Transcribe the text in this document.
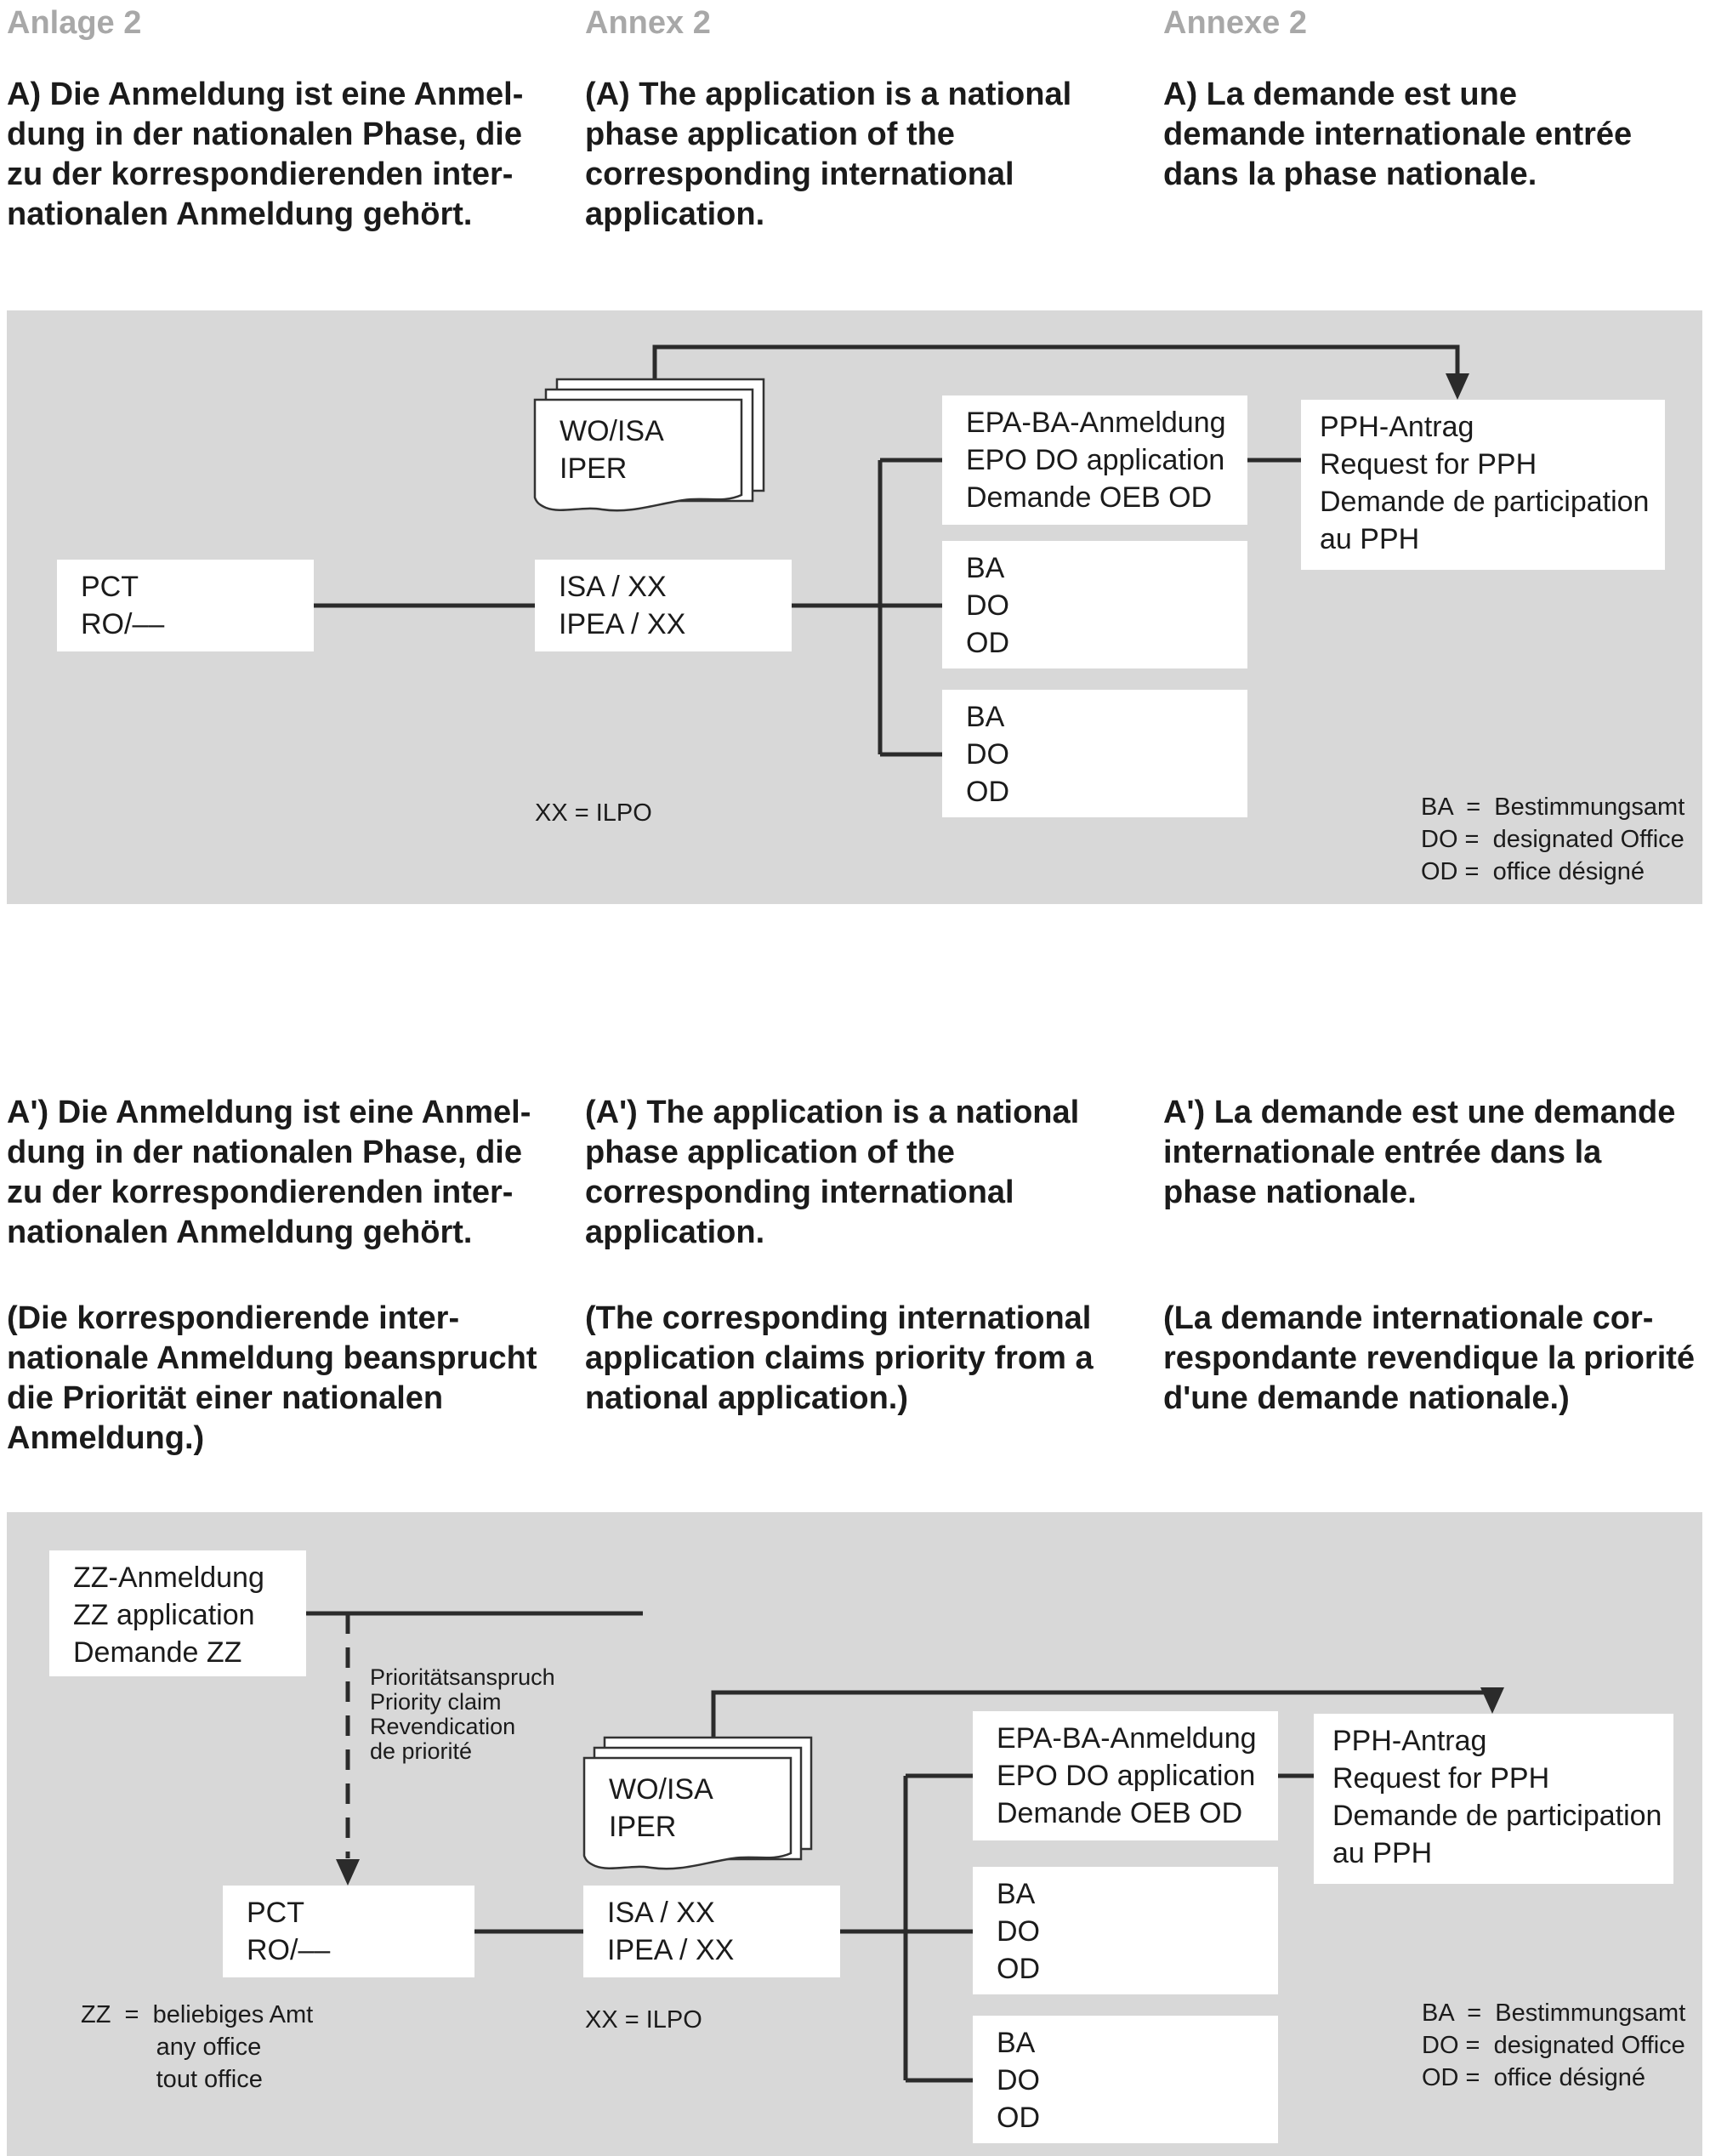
Anlage 2	Annex 2	Annexe 2
A) Die Anmeldung ist eine Anmel-
dung in der nationalen Phase, die
zu der korrespondierenden inter-
nationalen Anmeldung gehört.
(A) The application is a national
phase application of the
corresponding international
application.
A) La demande est une
demande internationale entrée
dans la phase nationale.
PCT
RO/––
ISA / XX
IPEA / XX
WO/ISA
IPER
EPA-BA-Anmeldung
EPO DO application
Demande OEB OD
PPH-Antrag
Request for PPH
Demande de participation
au PPH
BA
DO
OD
BA
DO
OD
XX = ILPO	BA  =  Bestimmungsamt
DO =  designated Office
OD =  office désigné
A') Die Anmeldung ist eine Anmel-
dung in der nationalen Phase, die
zu der korrespondierenden inter-
nationalen Anmeldung gehört.
(A') The application is a national
phase application of the
corresponding international
application.
A') La demande est une demande
internationale entrée dans la
phase nationale.
(Die korrespondierende inter-
nationale Anmeldung beansprucht
die Priorität einer nationalen
Anmeldung.)
(The corresponding international
application claims priority from a
national application.)
(La demande internationale cor-
respondante revendique la priorité
d'une demande nationale.)
ZZ-Anmeldung
ZZ application
Demande ZZ
Prioritätsanspruch
Priority claim
Revendication
de priorité
PCT
RO/––
ISA / XX
IPEA / XX
WO/ISA
IPER
EPA-BA-Anmeldung
EPO DO application
Demande OEB OD
PPH-Antrag
Request for PPH
Demande de participation
au PPH
BA
DO
OD
BA
DO
OD
ZZ  =  beliebiges Amt
any office
tout office
XX = ILPO	BA  =  Bestimmungsamt
DO =  designated Office
OD =  office désigné
